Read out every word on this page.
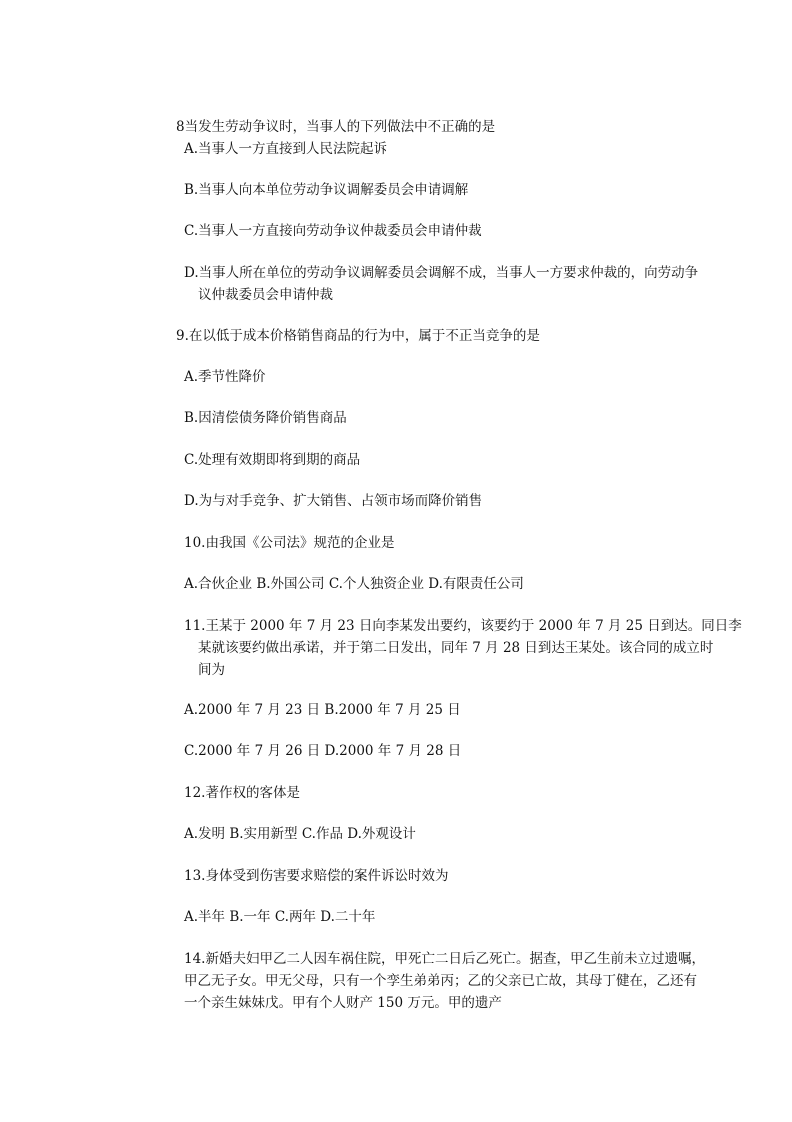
8当发生劳动争议时，当事人的下列做法中不正确的是
A.当事人一方直接到人民法院起诉
B.当事人向本单位劳动争议调解委员会申请调解
C.当事人一方直接向劳动争议仲裁委员会申请仲裁
D.当事人所在单位的劳动争议调解委员会调解不成，当事人一方要求仲裁的，向劳动争
议仲裁委员会申请仲裁
9.在以低于成本价格销售商品的行为中，属于不正当竞争的是
A.季节性降价
B.因清偿债务降价销售商品
C.处理有效期即将到期的商品
D.为与对手竞争、扩大销售、占领市场而降价销售
10.由我国《公司法》规范的企业是
A.合伙企业 B.外国公司 C.个人独资企业 D.有限责任公司
11.王某于 2000 年 7 月 23 日向李某发出要约，该要约于 2000 年 7 月 25 日到达。同日李
某就该要约做出承诺，并于第二日发出，同年 7 月 28 日到达王某处。该合同的成立时
间为
A.2000 年 7 月 23 日 B.2000 年 7 月 25 日
C.2000 年 7 月 26 日 D.2000 年 7 月 28 日
12.著作权的客体是
A.发明 B.实用新型 C.作品 D.外观设计
13.身体受到伤害要求赔偿的案件诉讼时效为
A.半年 B.一年 C.两年 D.二十年
14.新婚夫妇甲乙二人因车祸住院，甲死亡二日后乙死亡。据查，甲乙生前未立过遗嘱，
甲乙无子女。甲无父母，只有一个孪生弟弟丙；乙的父亲已亡故，其母丁健在，乙还有
一个亲生妹妹戊。甲有个人财产 150 万元。甲的遗产
